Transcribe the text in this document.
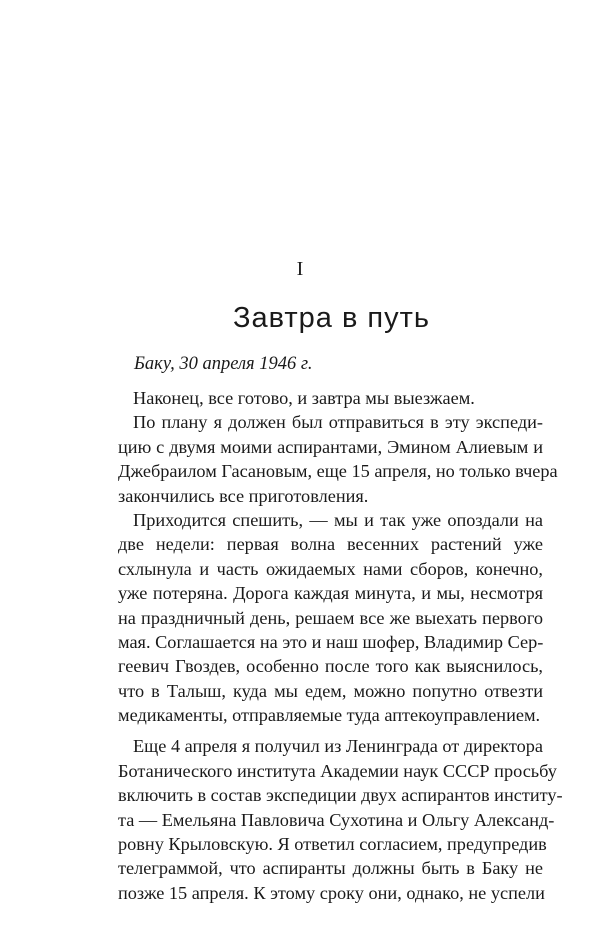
I
Завтра в путь
Баку, 30 апреля 1946 г.
Наконец, все готово, и завтра мы выезжаем.
По плану я должен был отправиться в эту экспеди-
цию с двумя моими аспирантами, Эмином Алиевым и
Джебраилом Гасановым, еще 15 апреля, но только вчера
закончились все приготовления.
Приходится спешить, — мы и так уже опоздали на
две недели: первая волна весенних растений уже
схлынула и часть ожидаемых нами сборов, конечно,
уже потеряна. Дорога каждая минута, и мы, несмотря
на праздничный день, решаем все же выехать первого
мая. Соглашается на это и наш шофер, Владимир Сер-
геевич Гвоздев, особенно после того как выяснилось,
что в Талыш, куда мы едем, можно попутно отвезти
медикаменты, отправляемые туда аптекоуправлением.
Еще 4 апреля я получил из Ленинграда от директора
Ботанического института Академии наук СССР просьбу
включить в состав экспедиции двух аспирантов институ-
та — Емельяна Павловича Сухотина и Ольгу Александ-
ровну Крыловскую. Я ответил согласием, предупредив
телеграммой, что аспиранты должны быть в Баку не
позже 15 апреля. К этому сроку они, однако, не успели
